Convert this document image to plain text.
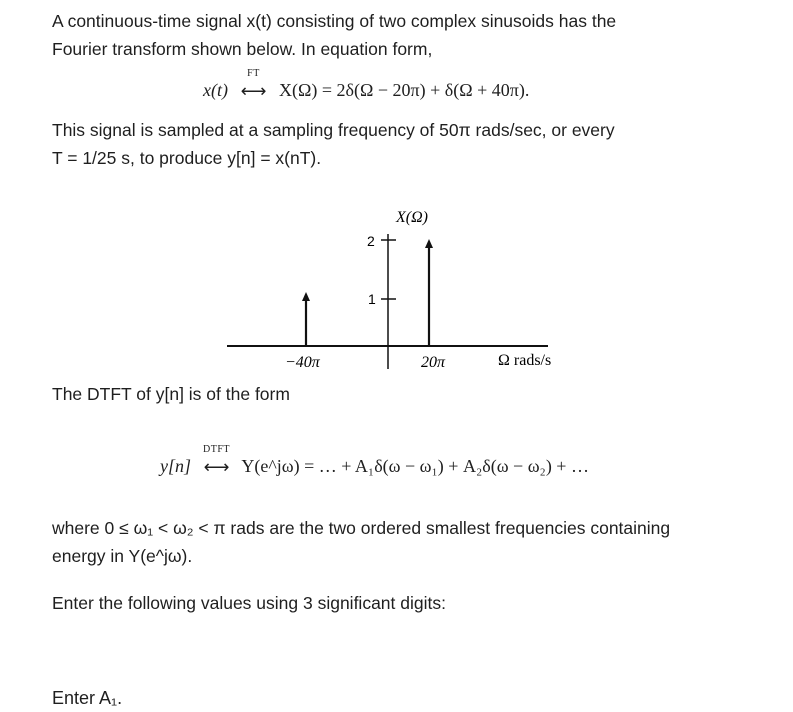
A continuous-time signal x(t) consisting of two complex sinusoids has the
Fourier transform shown below. In equation form,

x(t)
FT
⟷ X(Ω) = 2δ(Ω − 20π) + δ(Ω + 40π).

This signal is sampled at a sampling frequency of 50π rads/sec, or every
T = 1/25 s, to produce y[n] = x(nT).

2
1
X(Ω)
−40π	20π	Ω rads/s

The DTFT of y[n] is of the form

y[n]
DTFT
⟷ Y(e^jω) = … + A₁δ(ω − ω₁) + A₂δ(ω − ω₂) + …

where 0 ≤ ω₁ < ω₂ < π rads are the two ordered smallest frequencies containing
energy in Y(e^jω).

Enter the following values using 3 significant digits:

Enter A₁.
